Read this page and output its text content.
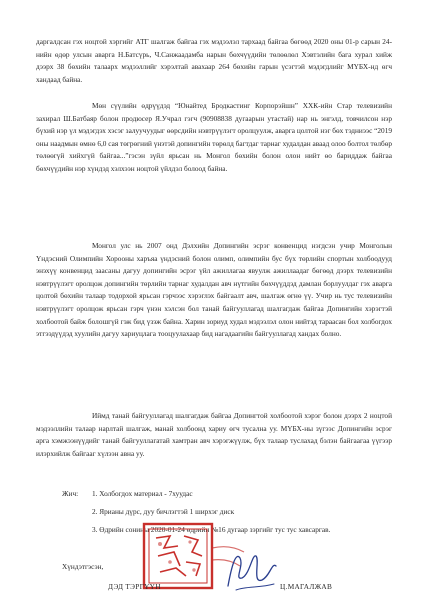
даргалдсан гэх ноцтой хэргийг АТГ шалгаж байгаа гэх мэдээлэл тархаад байгаа бөгөөд 2020 оны 01-р сарын 24-нийн өдөр улсын аварга Н.Батсүрь, Ч.Санжаадамба нарын бөхчүүдийн төлөөлөл Хэвтэлийн бага хурал хийж дээрх 38 бөхийн талаарх мэдээллийг хэрэлтай авахаар 264 бөхийн гарын үсэгтэй мэдэгдлийг МҮБХ-нд өгч хандаад байна.

Мөн сүүлийн өдрүүдэд “Юнайтед Бродкастинг Корпорэйшн” ХХК-ийн Стар телевизийн захирал Ш.Батбаяр болон продюсер Я.Учрал гэгч (90908838 дугаарын утастай) нар нь энгэлд, товчилсон нэр бүхий нэр үл мэдэгдэх хэсэг залуучуудыг өөрсдийн нэвтрүүлэгт оролцуулж, аварга цолтой нэг бөх тэдниээс “2019 оны наадмын өмнө 6,0 сая төгрөгний үнэтэй допингийн төрөлд багтдаг тарнаг худалдан аваад олоо болтол төлбөр төлөөгүй хийхгүй байгаа...”гэсэн зүйл ярьсан нь Монгол бөхийн болон олон нийт өо бариддаж байгаа бөхчүүдийн нэр хүндэд хэлхээн ноцтой үйлдэл болоод байна.

Монгол улс нь 2007 онд Дэлхийн Допингийн эсрэг конвенцид нэгдсэн учир Монголын Үндэсний Олимпийн Хорооны харъяа үндэсний болон олимп, олимпийн бус бүх төрлийн спортын холбоодууд энэхүү конвенцид заасаны дагуу допингийн эсрэг үйл ажиллагаа явуулж ажиллаадаг бөгөөд дээрх телевизийн нэвтрүүлэгт оролцож допингийн төрлийн тарнаг худалдан авч нүтгийн бөхчүүддэд дамлан борлуулдаг гэх аварга цолтой бөхийн талаар тодорхой ярьсан гэрчээс хэрэглэх байгаалт авч, шалгаж өгнө үү. Учир нь тус телевизийн нэвтрүүлэгт оролцож ярьсан гэрч үнэн хэлсэн бол танай байгууллагад шалгагдаж байгаа Допингийн хэрэгтэй холбоотой байж болошгүй гэж бид үзэж байна. Харин зориуд худал мэдээлэл олон нийтэд тараасан бол холбогдох этгээдүүдэд хуулийн дагуу хариуцлага тооцуулахаар бид нагадаагийн байгууллагад хандах болно.

Иймд танай байгууллагад шалгагдаж байгаа Допингтой холбоотой хэрэг болон дээрх 2 ноцтой мэдээллийн талаар нарлтай шалгаж, манай холбоонд хариу өгч тусална уу. МҮБХ-ны зүгээс Допингийн эсрэг арга хэмжээнүүдийг танай байгууллагатай хамтран авч хэрэгжүүлж, бүх талаар туслахад бэлэн байгаагаа үүгээр илэрхийлж байгааг хүлээн авна уу.

Жич: 1. Холбогдох материал - 7хуудас
2. Ярианы дүрс, дуу бичлэгтэй 1 ширхэг диск
3. Өдрийн сонины 2020-01-24 өдрийн №16 дугаар зэргийг тус тус хавсаргав.
Хүндэтгэсэн,
ДЭД ТЭРГҮҮН	Ц.МАГАЛЖАВ
